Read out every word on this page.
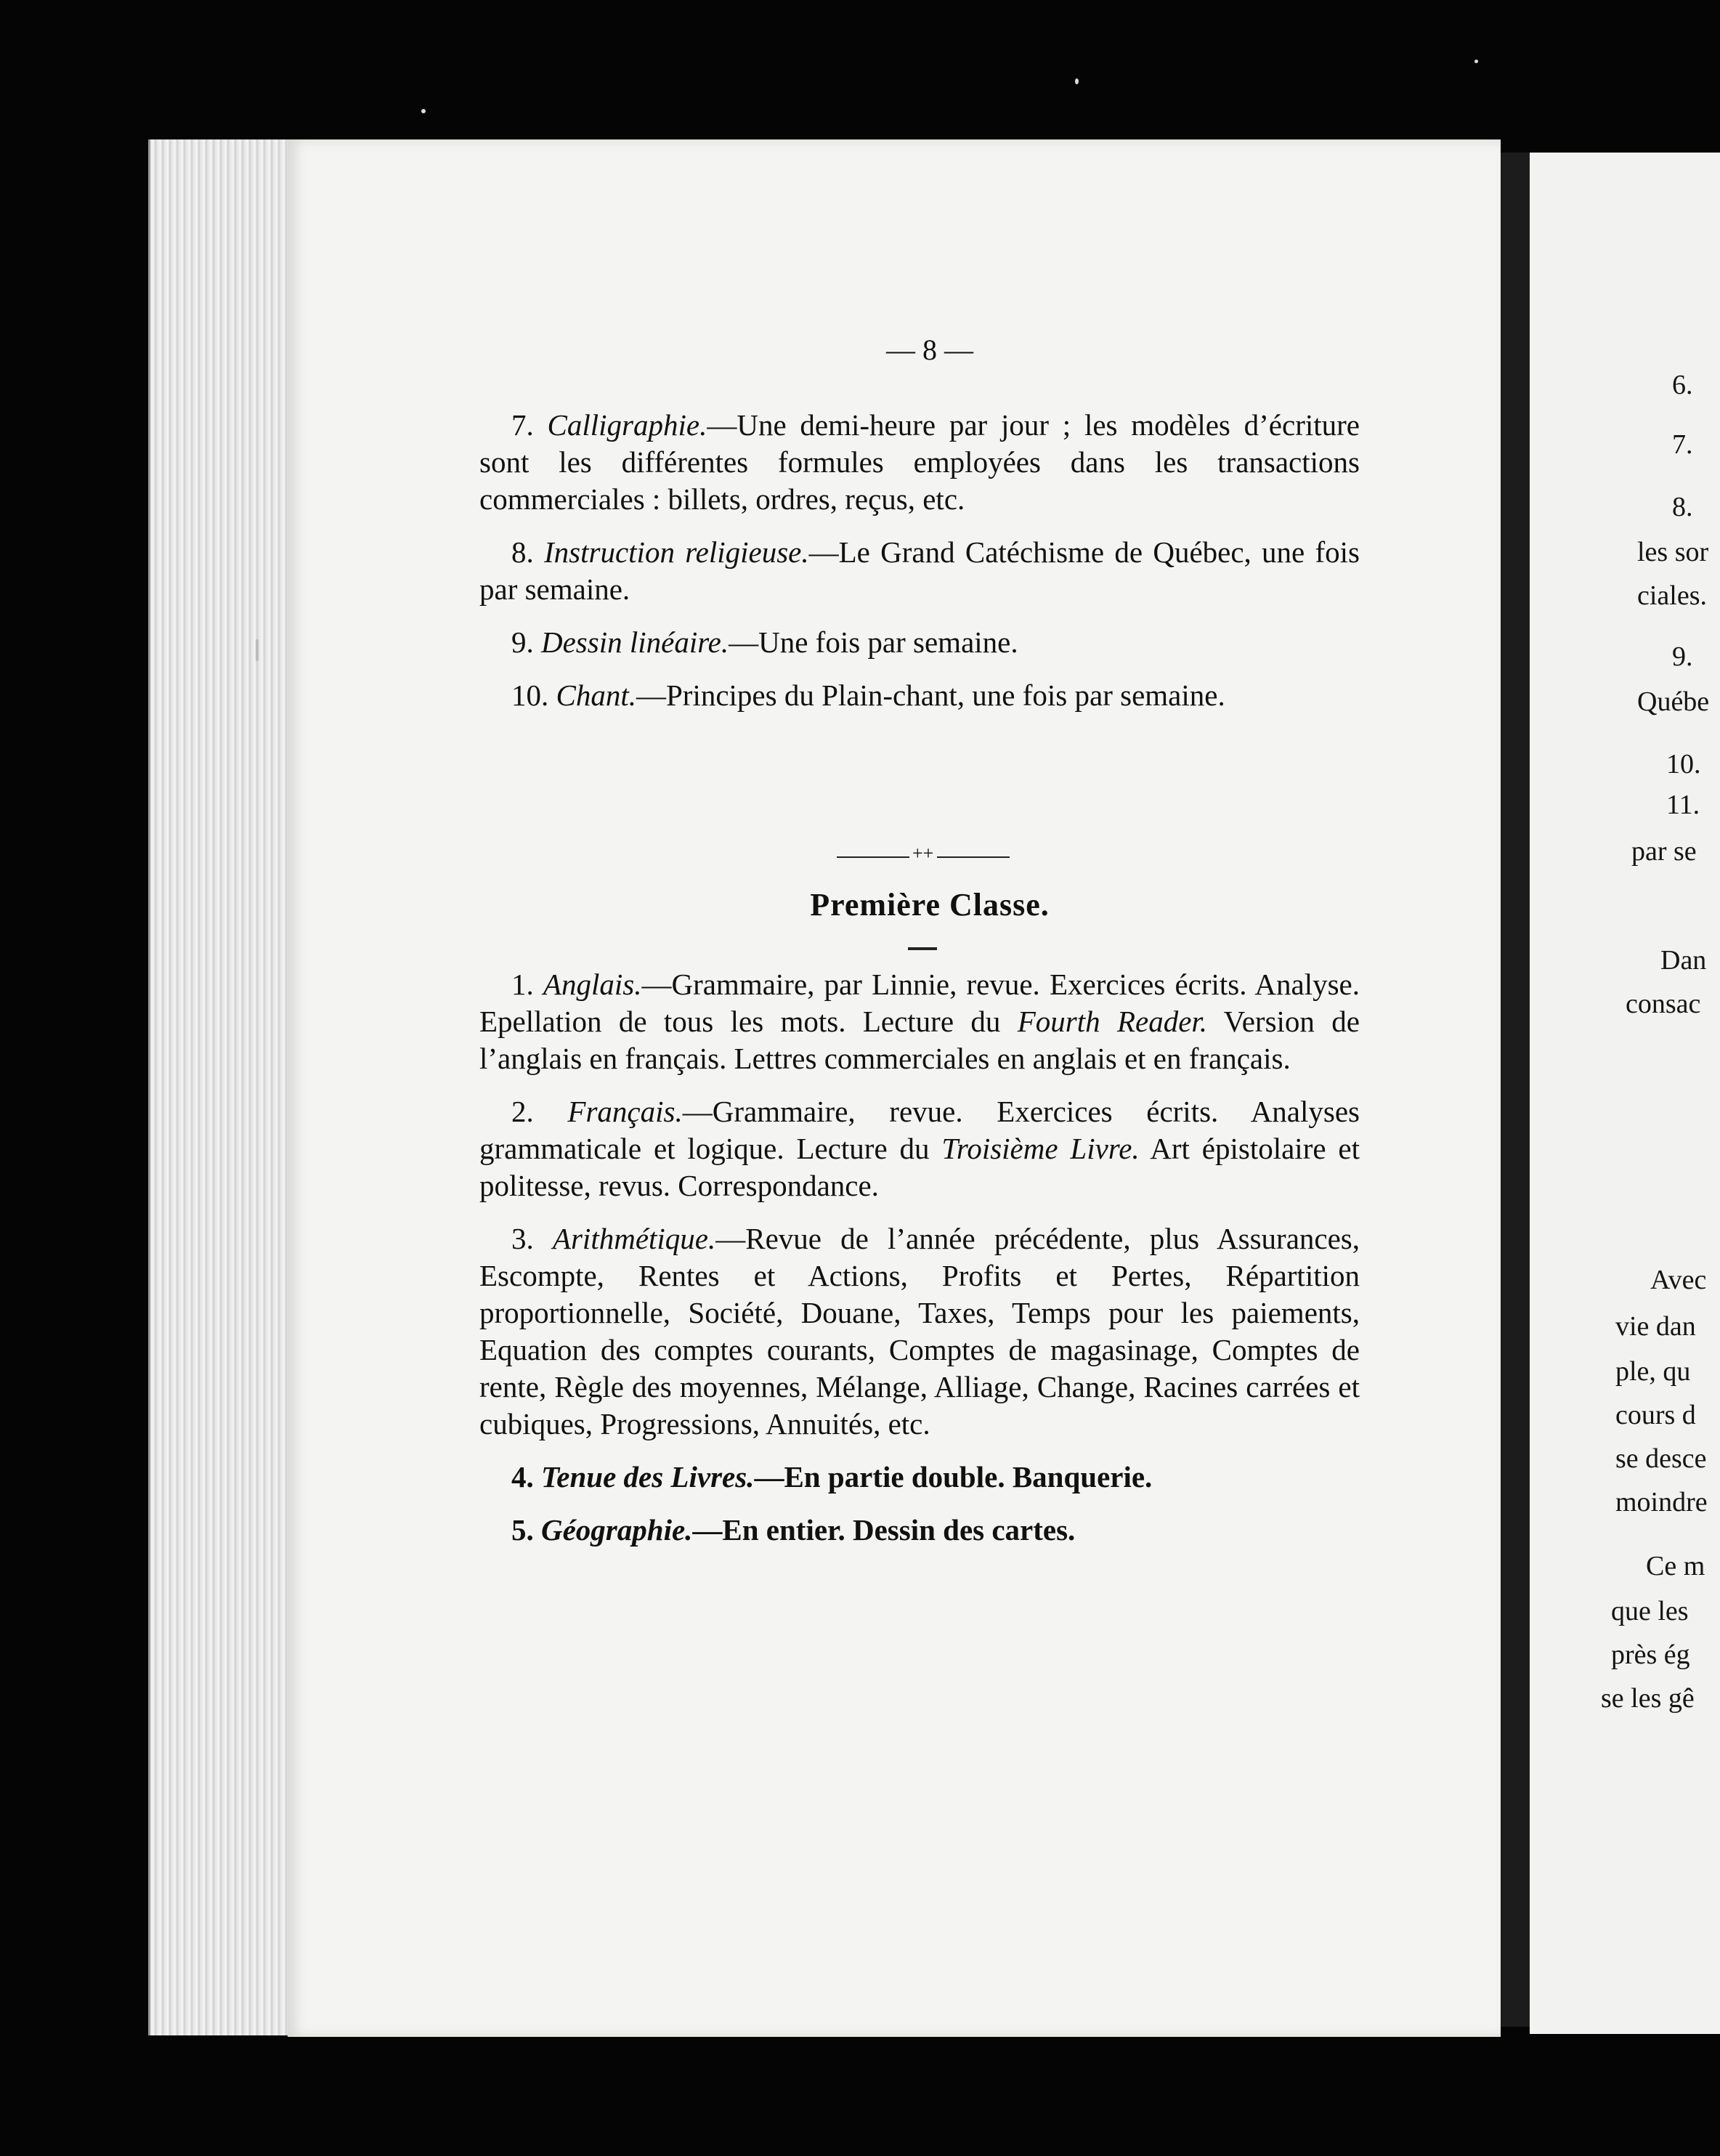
6.
7.
8.
les sor
ciales.
9.
Québe
10.
11.
par se
Dan
consac
Avec
vie dan
ple, qu
cours d
se desce
moindre
Ce m
que les
près ég
se les gê
— 8 —

7. Calligraphie.—Une demi-heure par jour ; les modèles d’écriture sont les différentes formules employées dans les transactions commerciales : billets, ordres, reçus, etc.

8. Instruction religieuse.—Le Grand Catéchisme de Québec, une fois par semaine.

9. Dessin linéaire.—Une fois par semaine.

10. Chant.—Principes du Plain-chant, une fois par semaine.

++
Première Classe.

1. Anglais.—Grammaire, par Linnie, revue. Exercices écrits. Analyse. Epellation de tous les mots. Lecture du Fourth Reader. Version de l’anglais en français. Lettres commerciales en anglais et en français.

2. Français.—Grammaire, revue. Exercices écrits. Analyses grammaticale et logique. Lecture du Troisième Livre. Art épistolaire et politesse, revus. Correspondance.

3. Arithmétique.—Revue de l’année précédente, plus Assurances, Escompte, Rentes et Actions, Profits et Pertes, Répartition proportionnelle, Société, Douane, Taxes, Temps pour les paiements, Equation des comptes courants, Comptes de magasinage, Comptes de rente, Règle des moyennes, Mélange, Alliage, Change, Racines carrées et cubiques, Progressions, Annuités, etc.

4. Tenue des Livres.—En partie double. Banquerie.

5. Géographie.—En entier. Dessin des cartes.
